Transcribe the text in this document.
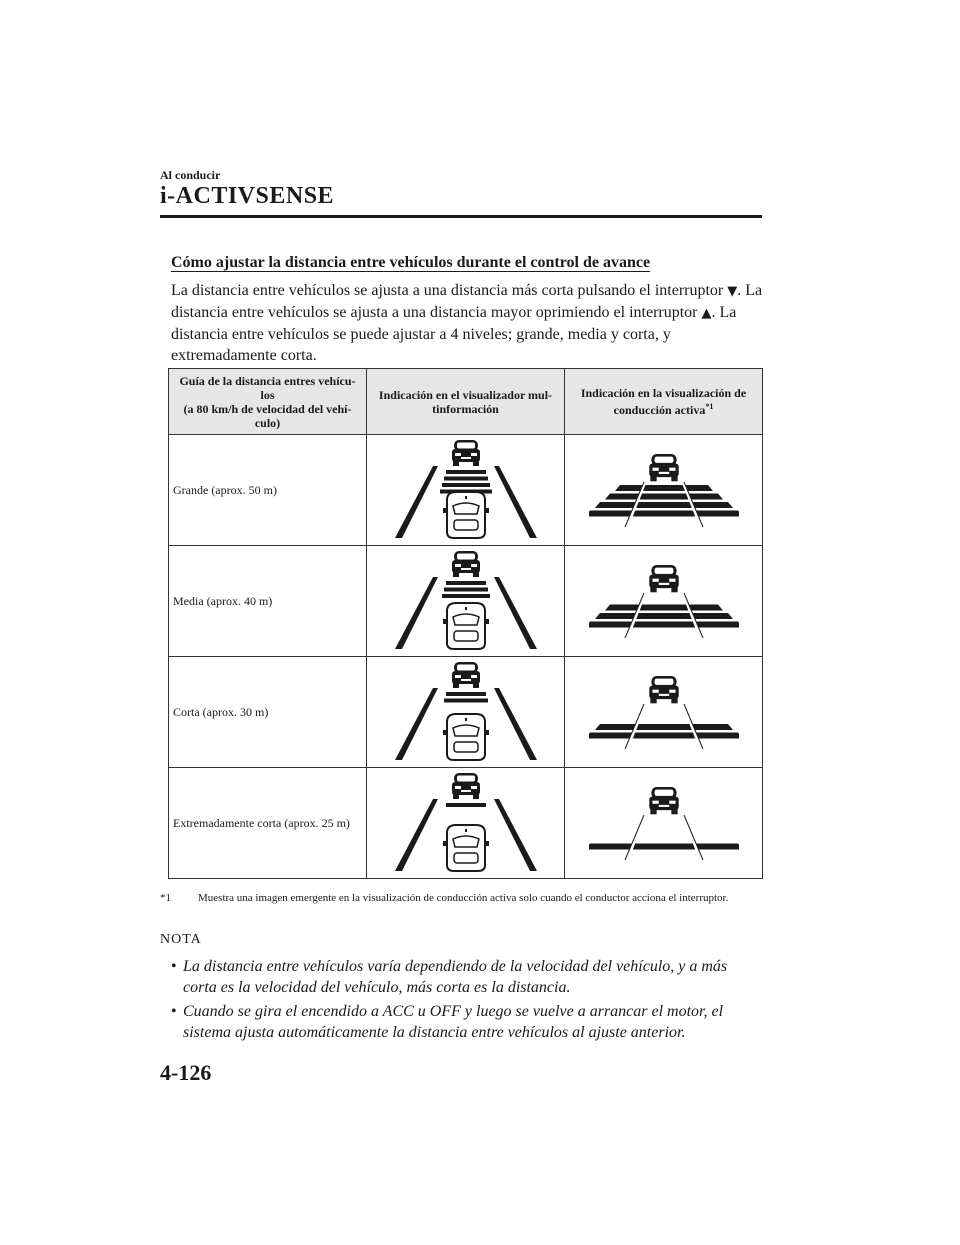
Al conducir
i-ACTIVSENSE
Cómo ajustar la distancia entre vehículos durante el control de avance
La distancia entre vehículos se ajusta a una distancia más corta pulsando el interruptor ▼. La distancia entre vehículos se ajusta a una distancia mayor oprimiendo el interruptor ▲. La distancia entre vehículos se puede ajustar a 4 niveles; grande, media y corta, y extremadamente corta.
Guía de la distancia entres vehícu-
los
(a 80 km/h de velocidad del vehí-
culo)	Indicación en el visualizador mul-
tinformación	Indicación en la visualización de
conducción activa$^{*1}$
Grande (aprox. 50 m)	

Media (aprox. 40 m)	

Corta (aprox. 30 m)	

Extremadamente corta (aprox. 25 m)	

*1 Muestra una imagen emergente en la visualización de conducción activa solo cuando el conductor acciona el interruptor.
NOTA
• La distancia entre vehículos varía dependiendo de la velocidad del vehículo, y a más corta es la velocidad del vehículo, más corta es la distancia.
• Cuando se gira el encendido a ACC u OFF y luego se vuelve a arrancar el motor, el sistema ajusta automáticamente la distancia entre vehículos al ajuste anterior.
4-126
